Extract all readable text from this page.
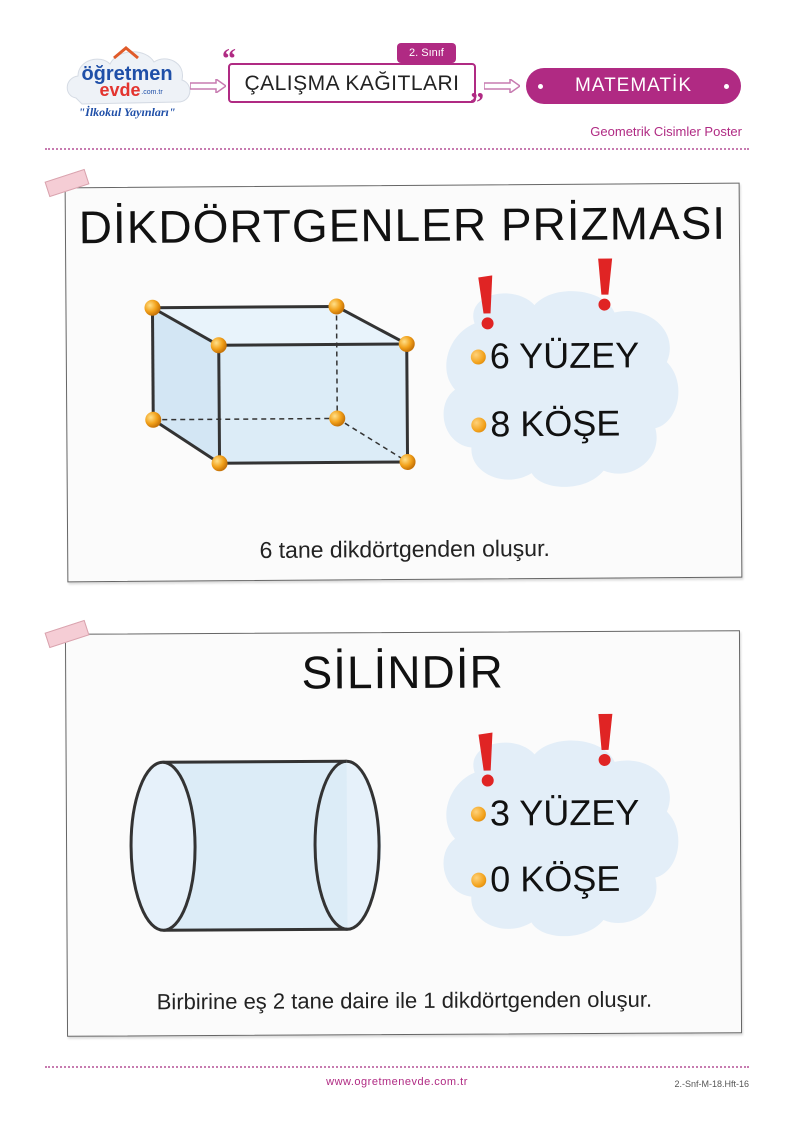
öğretmen
evde .com.tr
"İlkokul Yayınları"
2. Sınıf
“
ÇALIŞMA KAĞITLARI
”
MATEMATİK
Geometrik Cisimler Poster
DİKDÖRTGENLER PRİZMASI
6 YÜZEY
8 KÖŞE
6 tane dikdörtgenden oluşur.
SİLİNDİR
3 YÜZEY
0 KÖŞE
Birbirine eş 2 tane daire ile 1 dikdörtgenden oluşur.
www.ogretmenevde.com.tr	2.-Snf-M-18.Hft-16
